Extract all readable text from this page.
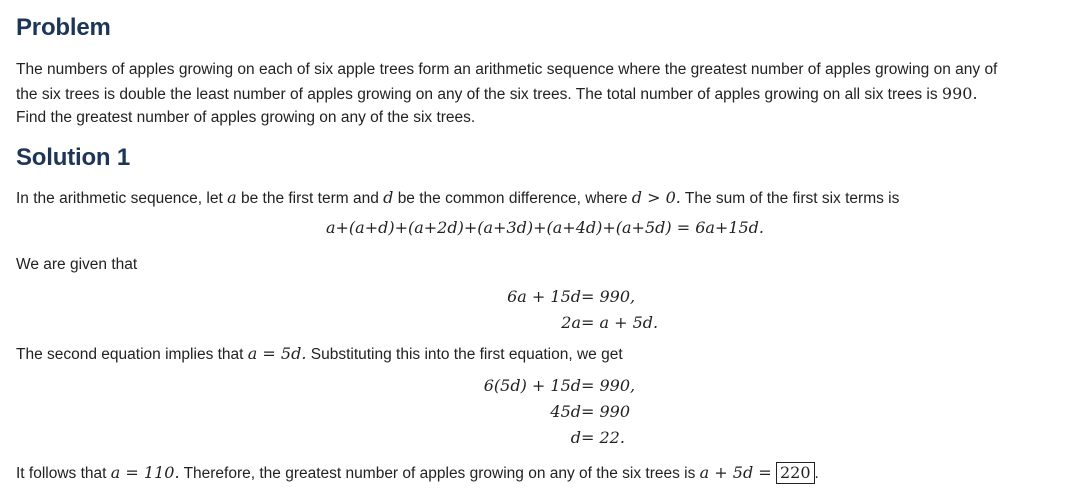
Problem

The numbers of apples growing on each of six apple trees form an arithmetic sequence where the greatest number of apples growing on any of
the six trees is double the least number of apples growing on any of the six trees. The total number of apples growing on all six trees is 990.
Find the greatest number of apples growing on any of the six trees.

Solution 1

In the arithmetic sequence, let a be the first term and d be the common difference, where d > 0. The sum of the first six terms is

a+(a+d)+(a+2d)+(a+3d)+(a+4d)+(a+5d) = 6a+15d.

We are given that

6a + 15d = 990,
2a = a + 5d.

The second equation implies that a = 5d. Substituting this into the first equation, we get

6(5d) + 15d = 990,
45d = 990
d = 22.

It follows that a = 110. Therefore, the greatest number of apples growing on any of the six trees is a + 5d = 220 .
